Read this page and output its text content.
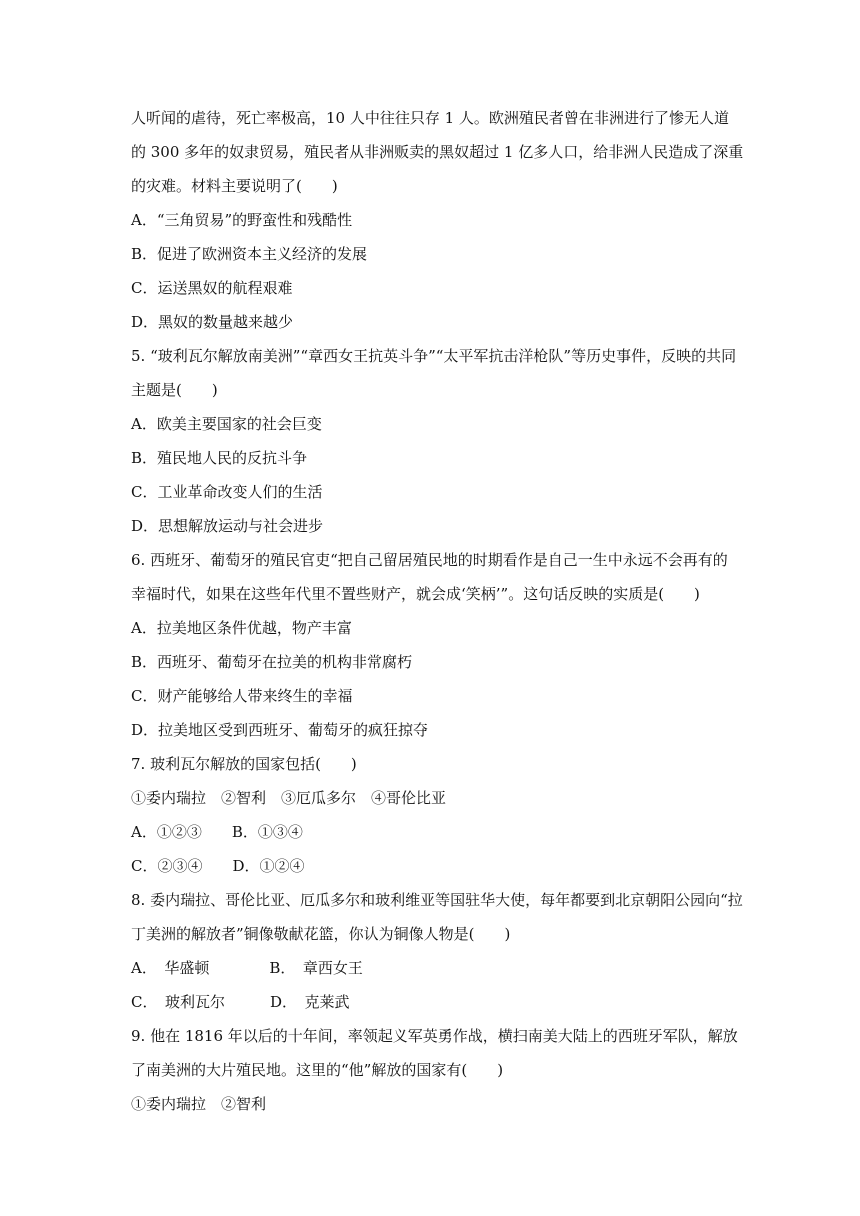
人听闻的虐待，死亡率极高，10 人中往往只存 1 人。欧洲殖民者曾在非洲进行了惨无人道
的 300 多年的奴隶贸易，殖民者从非洲贩卖的黑奴超过 1 亿多人口，给非洲人民造成了深重
的灾难。材料主要说明了(　　)
A．“三角贸易”的野蛮性和残酷性
B．促进了欧洲资本主义经济的发展
C．运送黑奴的航程艰难
D．黑奴的数量越来越少
5. “玻利瓦尔解放南美洲”“章西女王抗英斗争”“太平军抗击洋枪队”等历史事件，反映的共同
主题是(　　)
A．欧美主要国家的社会巨变
B．殖民地人民的反抗斗争
C．工业革命改变人们的生活
D．思想解放运动与社会进步
6. 西班牙、葡萄牙的殖民官吏“把自己留居殖民地的时期看作是自己一生中永远不会再有的
幸福时代，如果在这些年代里不置些财产，就会成‘笑柄’”。这句话反映的实质是(　　)
A．拉美地区条件优越，物产丰富
B．西班牙、葡萄牙在拉美的机构非常腐朽
C．财产能够给人带来终生的幸福
D．拉美地区受到西班牙、葡萄牙的疯狂掠夺
7. 玻利瓦尔解放的国家包括(　　)
①委内瑞拉　②智利　③厄瓜多尔　④哥伦比亚
A．①②③　　B．①③④
C．②③④　　D．①②④
8. 委内瑞拉、哥伦比亚、厄瓜多尔和玻利维亚等国驻华大使，每年都要到北京朝阳公园向“拉
丁美洲的解放者”铜像敬献花篮，你认为铜像人物是(　　)
A．　华盛顿　　　　B．　章西女王
C．　玻利瓦尔　　　D．　克莱武
9. 他在 1816 年以后的十年间，率领起义军英勇作战，横扫南美大陆上的西班牙军队，解放
了南美洲的大片殖民地。这里的“他”解放的国家有(　　)
①委内瑞拉　②智利
